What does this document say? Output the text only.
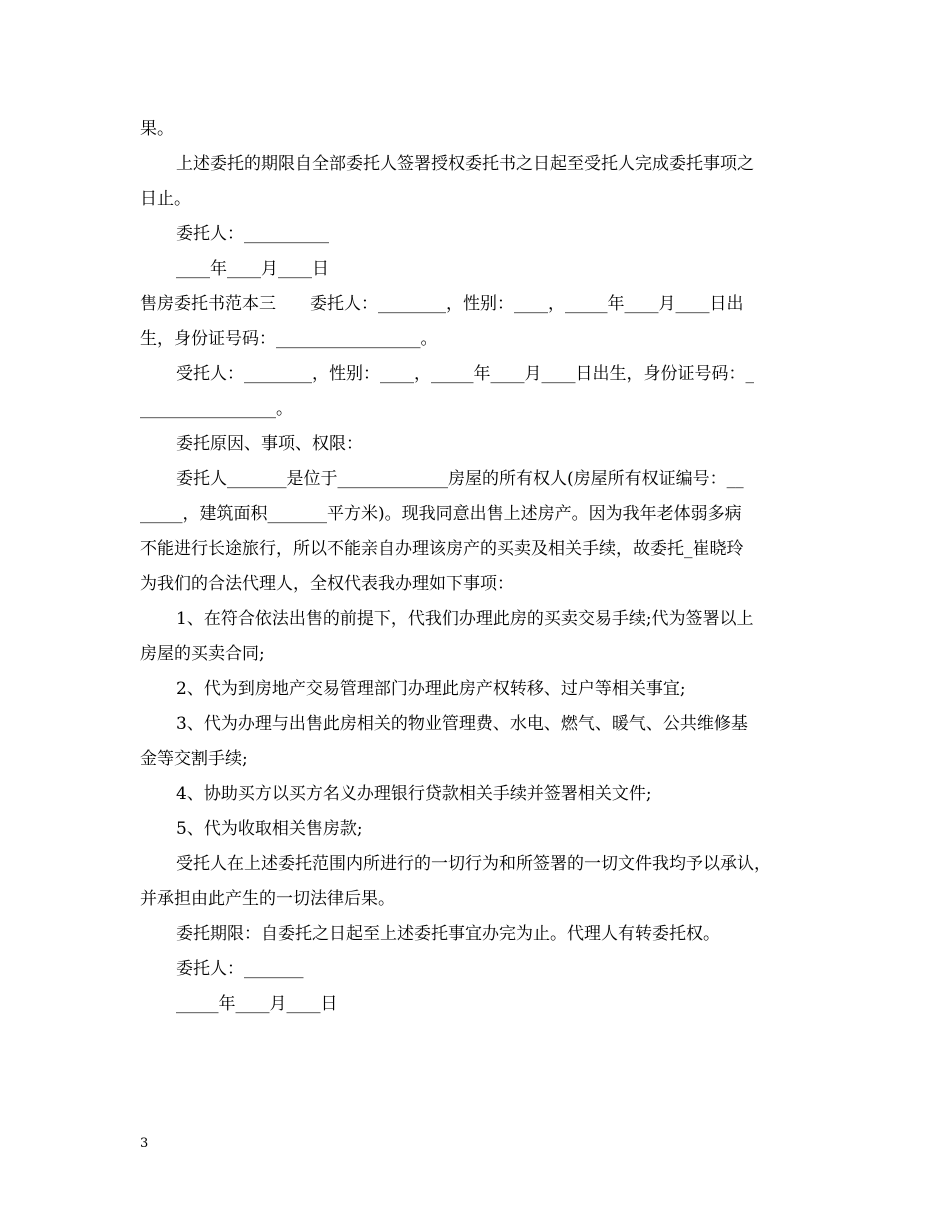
果。
上述委托的期限自全部委托人签署授权委托书之日起至受托人完成委托事项之
日止。
委托人：__________
____年____月____日
售房委托书范本三　　委托人：________，性别：____，_____年____月____日出
生，身份证号码：_________________。
受托人：________，性别：____，_____年____月____日出生，身份证号码：_
________________。
委托原因、事项、权限：
委托人_______是位于_____________房屋的所有权人(房屋所有权证编号：__
_____，建筑面积_______平方米)。现我同意出售上述房产。因为我年老体弱多病
不能进行长途旅行，所以不能亲自办理该房产的买卖及相关手续，故委托_崔晓玲
为我们的合法代理人，全权代表我办理如下事项：
1、在符合依法出售的前提下，代我们办理此房的买卖交易手续;代为签署以上
房屋的买卖合同;
2、代为到房地产交易管理部门办理此房产权转移、过户等相关事宜;
3、代为办理与出售此房相关的物业管理费、水电、燃气、暖气、公共维修基
金等交割手续;
4、协助买方以买方名义办理银行贷款相关手续并签署相关文件;
5、代为收取相关售房款;
受托人在上述委托范围内所进行的一切行为和所签署的一切文件我均予以承认，
并承担由此产生的一切法律后果。
委托期限：自委托之日起至上述委托事宜办完为止。代理人有转委托权。
委托人：_______
_____年____月____日
3
